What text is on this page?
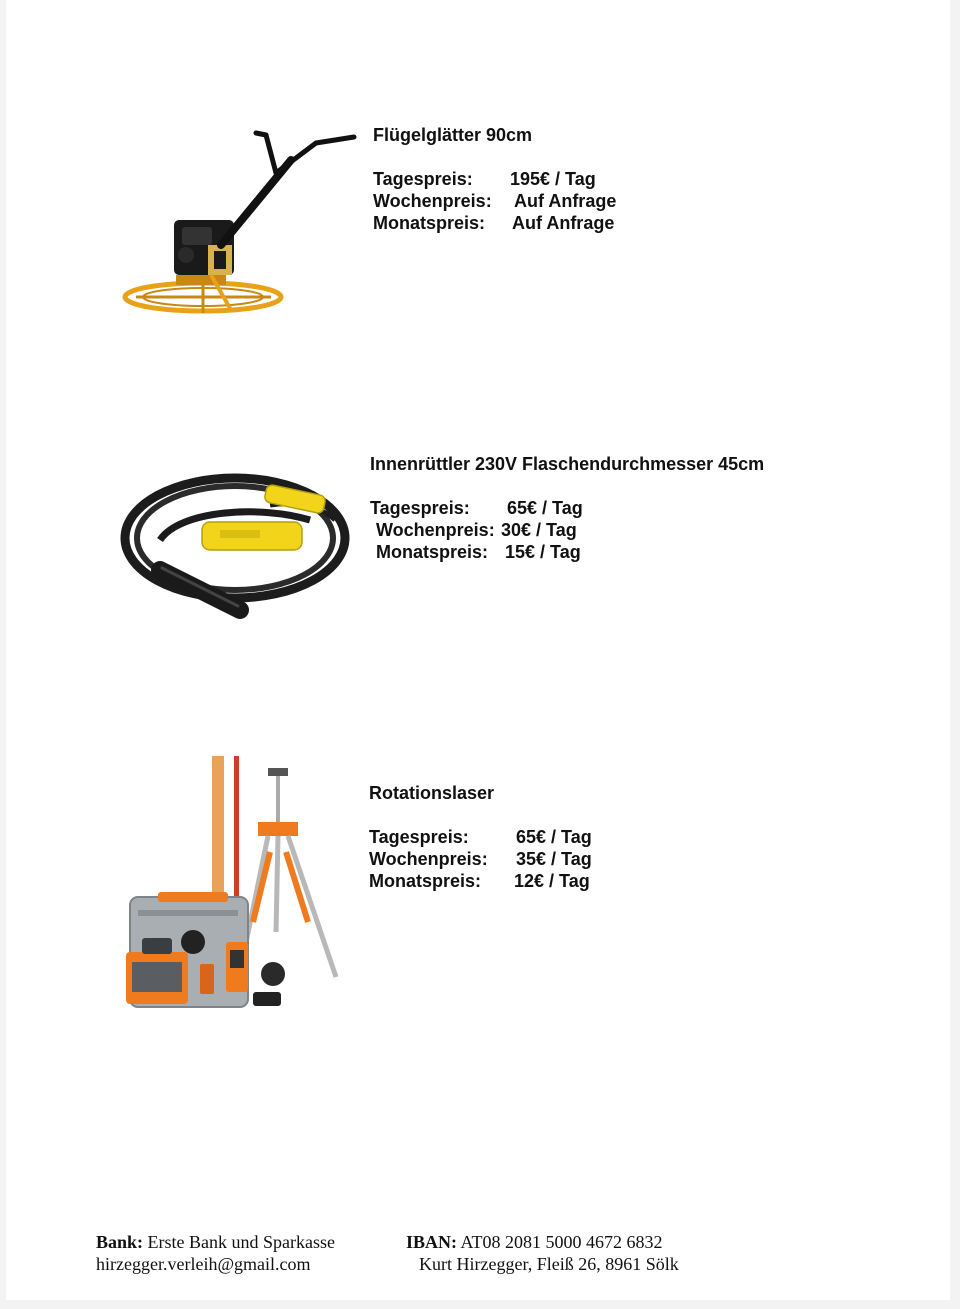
Flügelglätter 90cm
Tagespreis:	195€ / Tag
Wochenpreis:	Auf Anfrage
Monatspreis:	Auf Anfrage
Innenrüttler 230V Flaschendurchmesser 45cm
Tagespreis:	65€ / Tag
Wochenpreis: 30€ / Tag
Monatspreis: 15€ / Tag
Rotationslaser
Tagespreis:	65€ / Tag
Wochenpreis:	35€ / Tag
Monatspreis:	12€ / Tag
Bank: Erste Bank und Sparkasse
hirzegger.verleih@gmail.com
IBAN: AT08 2081 5000 4672 6832
Kurt Hirzegger, Fleiß 26, 8961 Sölk
